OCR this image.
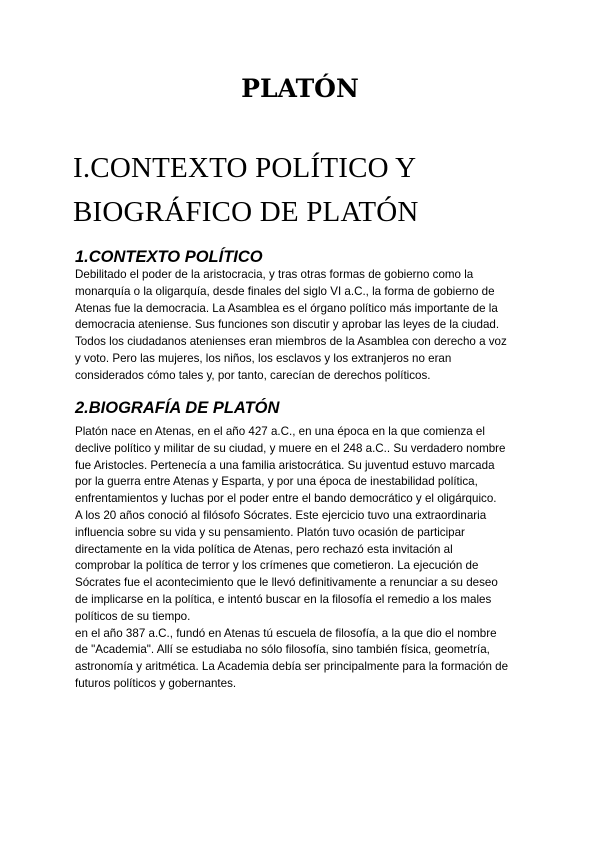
PLATÓN
I.CONTEXTO POLÍTICO Y
BIOGRÁFICO DE PLATÓN
1.CONTEXTO POLÍTICO
Debilitado el poder de la aristocracia, y tras otras formas de gobierno como la
monarquía o la oligarquía, desde finales del siglo VI a.C., la forma de gobierno de
Atenas fue la democracia. La Asamblea es el órgano político más importante de la
democracia ateniense. Sus funciones son discutir y aprobar las leyes de la ciudad.
Todos los ciudadanos atenienses eran miembros de la Asamblea con derecho a voz
y voto. Pero las mujeres, los niños, los esclavos y los extranjeros no eran
considerados cómo tales y, por tanto, carecían de derechos políticos.
2.BIOGRAFÍA DE PLATÓN
Platón nace en Atenas, en el año 427 a.C., en una época en la que comienza el
declive político y militar de su ciudad, y muere en el 248 a.C.. Su verdadero nombre
fue Aristocles. Pertenecía a una familia aristocrática. Su juventud estuvo marcada
por la guerra entre Atenas y Esparta, y por una época de inestabilidad política,
enfrentamientos y luchas por el poder entre el bando democrático y el oligárquico.
A los 20 años conoció al filósofo Sócrates. Este ejercicio tuvo una extraordinaria
influencia sobre su vida y su pensamiento. Platón tuvo ocasión de participar
directamente en la vida política de Atenas, pero rechazó esta invitación al
comprobar la política de terror y los crímenes que cometieron. La ejecución de
Sócrates fue el acontecimiento que le llevó definitivamente a renunciar a su deseo
de implicarse en la política, e intentó buscar en la filosofía el remedio a los males
políticos de su tiempo.
en el año 387 a.C., fundó en Atenas tú escuela de filosofía, a la que dio el nombre
de "Academia". Allí se estudiaba no sólo filosofía, sino también física, geometría,
astronomía y aritmética. La Academia debía ser principalmente para la formación de
futuros políticos y gobernantes.
